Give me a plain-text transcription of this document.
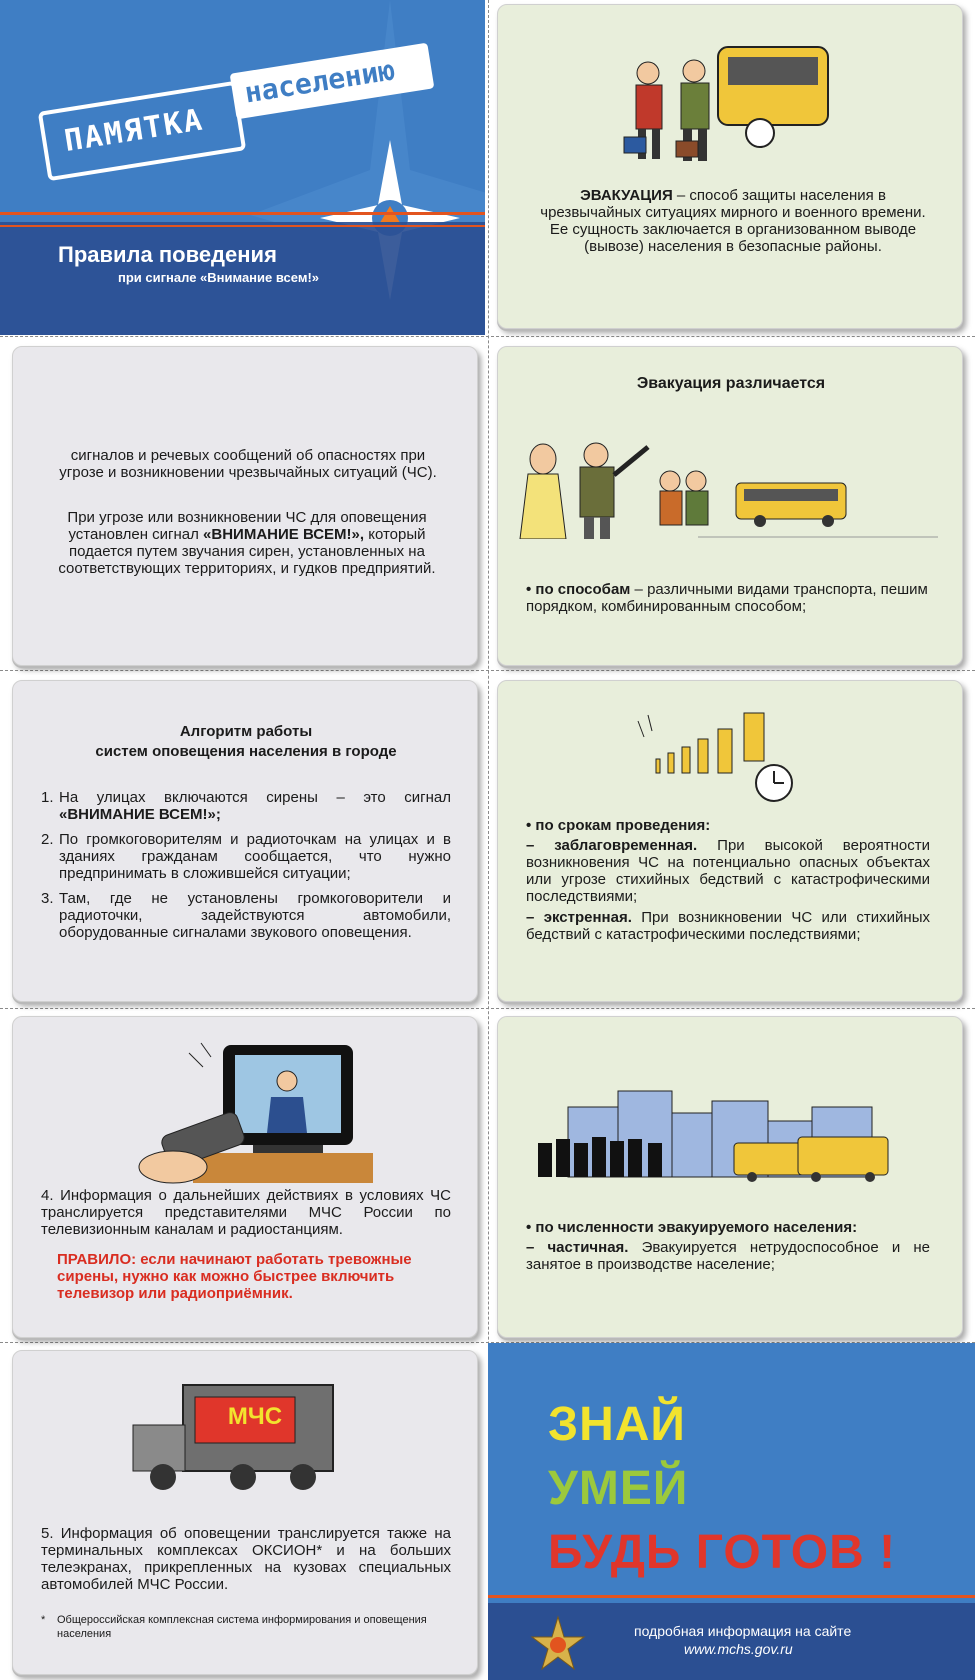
ПАМЯТКА
населению
Правила поведения
при сигнале «Внимание всем!»
ЭВАКУАЦИЯ – способ защиты населения в чрезвычайных ситуациях мирного и военного времени. Ее сущность заключается в организованном выводе (вывозе) населения в безопасные районы.
сигналов и речевых сообщений об опасностях при угрозе и возникновении чрезвычайных ситуаций (ЧС).
При угрозе или возникновении ЧС для оповещения установлен сигнал «ВНИМАНИЕ ВСЕМ!», который подается путем звучания сирен, установленных на соответствующих территориях, и гудков предприятий.
Эвакуация различается
• по способам – различными видами транспорта, пешим порядком, комбинированным способом;
Алгоритм работы
систем оповещения населения в городе
1. На улицах включаются сирены – это сигнал «ВНИМАНИЕ ВСЕМ!»;
2. По громкоговорителям и радиоточкам на улицах и в зданиях гражданам сообщается, что нужно предпринимать в сложившейся ситуации;
3. Там, где не установлены громкоговорители и радиоточки, задействуются автомобили, оборудованные сигналами звукового оповещения.
• по срокам проведения:
– заблаговременная. При высокой вероятности возникновения ЧС на потенциально опасных объектах или угрозе стихийных бедствий с катастрофическими последствиями;
– экстренная. При возникновении ЧС или стихийных бедствий с катастрофическими последствиями;
4. Информация о дальнейших действиях в условиях ЧС транслируется представителями МЧС России по телевизионным каналам и радиостанциям.
ПРАВИЛО: если начинают работать тревожные сирены, нужно как можно быстрее включить телевизор или радиоприёмник.
• по численности эвакуируемого населения:
– частичная. Эвакуируется нетрудоспособное и не занятое в производстве население;
МЧС
5. Информация об оповещении транслируется также на терминальных комплексах ОКСИОН* и на больших телеэкранах, прикрепленных на кузовах специальных автомобилей МЧС России.
*	Общероссийская комплексная система информирования и оповещения населения
ЗНАЙ
УМЕЙ
БУДЬ ГОТОВ !
подробная информация на сайте
www.mchs.gov.ru
